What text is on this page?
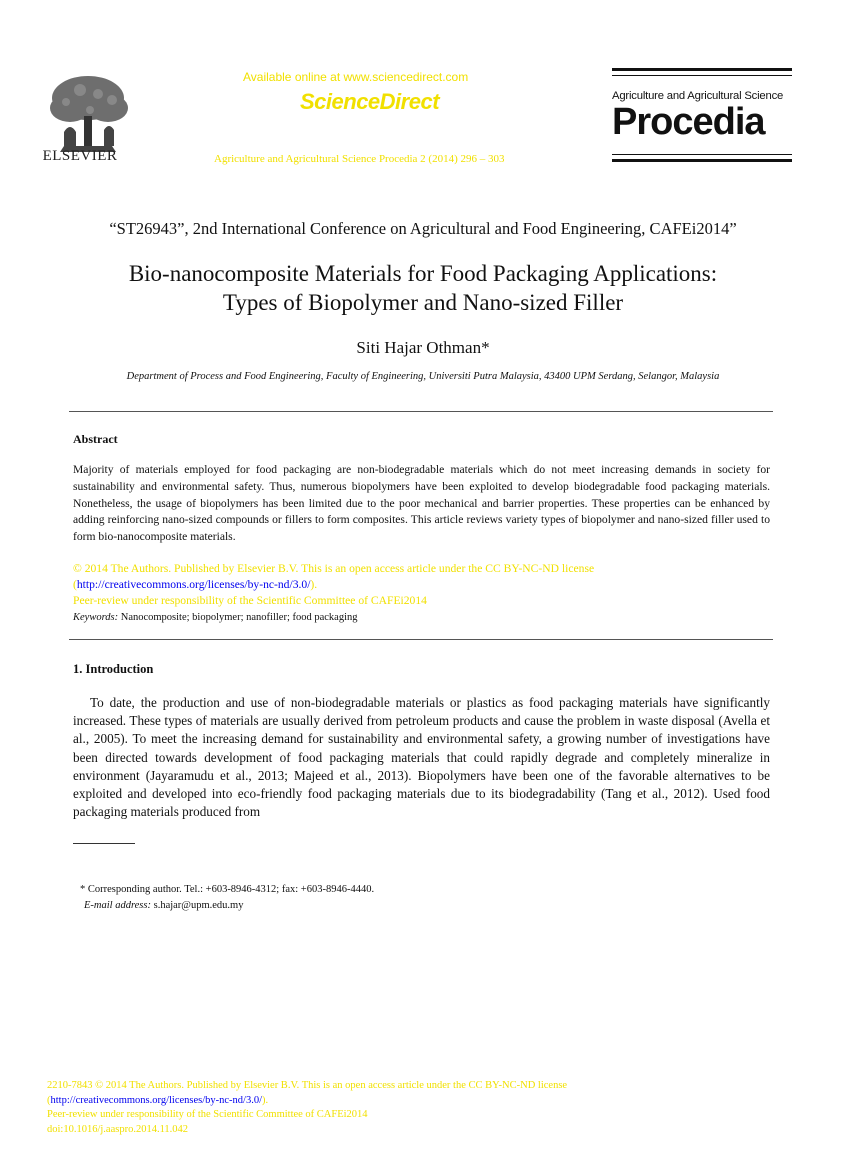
ELSEVIER
Available online at www.sciencedirect.com
ScienceDirect
Agriculture and Agricultural Science Procedia 2 (2014) 296 – 303
Agriculture and Agricultural Science
Procedia
“ST26943”, 2nd International Conference on Agricultural and Food Engineering, CAFEi2014”
Bio-nanocomposite Materials for Food Packaging Applications:
Types of Biopolymer and Nano-sized Filler
Siti Hajar Othman*
Department of Process and Food Engineering, Faculty of Engineering, Universiti Putra Malaysia, 43400 UPM Serdang, Selangor, Malaysia
Abstract
Majority of materials employed for food packaging are non-biodegradable materials which do not meet increasing demands in society for sustainability and environmental safety. Thus, numerous biopolymers have been exploited to develop biodegradable food packaging materials. Nonetheless, the usage of biopolymers has been limited due to the poor mechanical and barrier properties. These properties can be enhanced by adding reinforcing nano-sized compounds or fillers to form composites. This article reviews variety types of biopolymer and nano-sized filler used to form bio-nanocomposite materials.
© 2014 The Authors. Published by Elsevier B.V. This is an open access article under the CC BY-NC-ND license
(http://creativecommons.org/licenses/by-nc-nd/3.0/).
Peer-review under responsibility of the Scientific Committee of CAFEi2014
Keywords: Nanocomposite; biopolymer; nanofiller; food packaging
1. Introduction
To date, the production and use of non-biodegradable materials or plastics as food packaging materials have significantly increased. These types of materials are usually derived from petroleum products and cause the problem in waste disposal (Avella et al., 2005). To meet the increasing demand for sustainability and environmental safety, a growing number of investigations have been directed towards development of food packaging materials that could rapidly degrade and completely mineralize in environment (Jayaramudu et al., 2013; Majeed et al., 2013). Biopolymers have been one of the favorable alternatives to be exploited and developed into eco-friendly food packaging materials due to its biodegradability (Tang et al., 2012). Used food packaging materials produced from
* Corresponding author. Tel.: +603-8946-4312; fax: +603-8946-4440.
E-mail address: s.hajar@upm.edu.my
2210-7843 © 2014 The Authors. Published by Elsevier B.V. This is an open access article under the CC BY-NC-ND license
(http://creativecommons.org/licenses/by-nc-nd/3.0/).
Peer-review under responsibility of the Scientific Committee of CAFEi2014
doi:10.1016/j.aaspro.2014.11.042
